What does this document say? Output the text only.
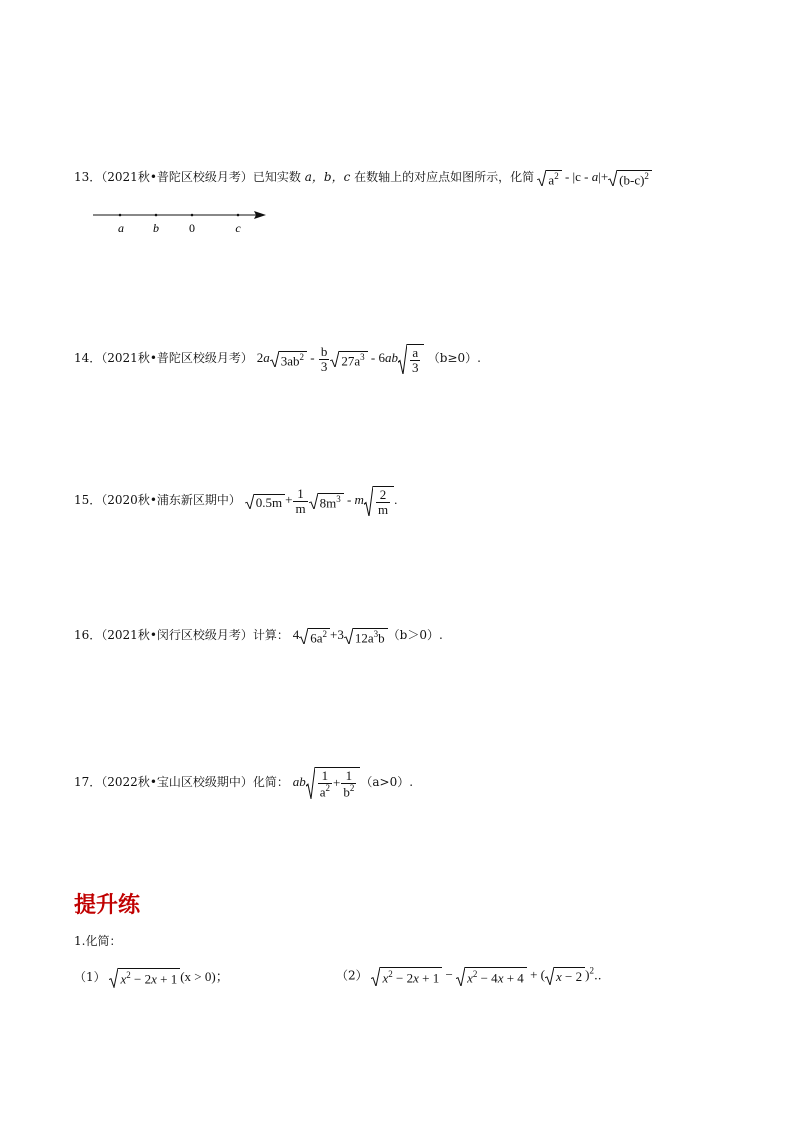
13．（2021秋•普陀区校级月考）已知实数 a，b，c 在数轴上的对应点如图所示，化简 $a^2 - |c - a|+ (b-c)^2$
a b	0	c
14．（2021秋•普陀区校级月考） 2a $3ab^2 - \frac{b}{3} 27a^3 - 6ab \frac{a}{3} (b\ge 0)$.
15．（2020秋•浦东新区期中） $0.5m + \frac{1}{m} 8m^3 - m \frac{2}{m}$ .
16．（2021秋•闵行区校级月考）计算： 4 $6a^2 +3$ $12a^3b$ （b＞0）.
17．（2022秋•宝山区校级期中）化简： ab $\frac{1}{a^2} + \frac{1}{b^2} (a>0)$.
提升练
1.化简：
（1） $x^2 - 2x + 1$ (x > 0)；	（2） $x^2 - 2x + 1$ −
$x^2 - 4x + 4$ + ( x − 2 )$^2$..
